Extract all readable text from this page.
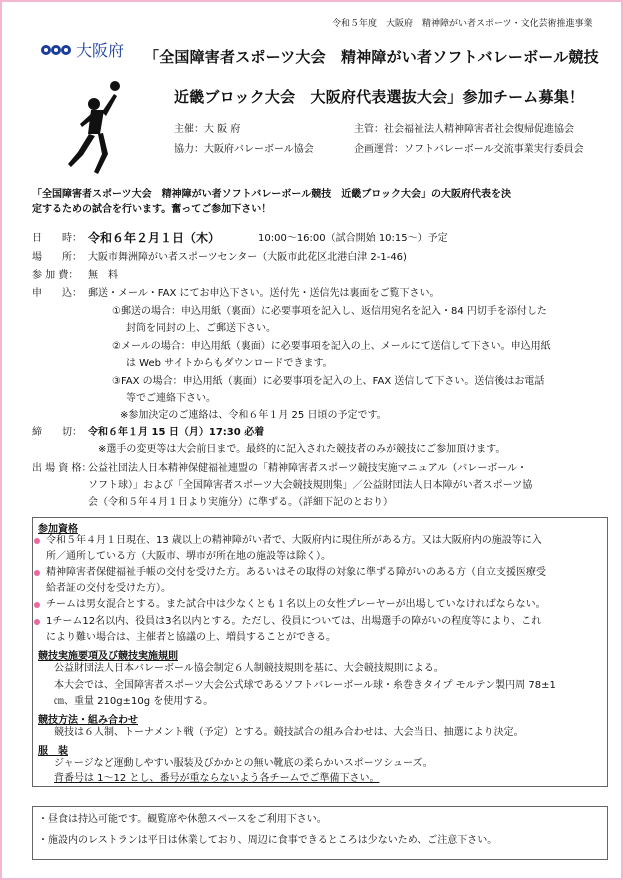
令和５年度　大阪府　精神障がい者スポーツ・文化芸術推進事業
大阪府 「全国障害者スポーツ大会　精神障がい者ソフトバレーボール競技
近畿ブロック大会　大阪府代表選抜大会」参加チーム募集！
主催：大 阪 府	主管：社会福祉法人精神障害者社会復帰促進協会
協力：大阪府バレーボール協会	企画運営：ソフトバレーボール交流事業実行委員会
「全国障害者スポーツ大会　精神障がい者ソフトバレーボール競技　近畿ブロック大会」の大阪府代表を決
定するための試合を行います。奮ってご参加下さい！
日　　時： 令和６年２月１日（木）	10:00〜16:00（試合開始 10:15〜）予定
場　　所： 大阪市舞洲障がい者スポーツセンター（大阪市此花区北港白津 2-1-46)
参 加 費： 無　料
申　　込： 郵送・メール・FAX にてお申込下さい。送付先・送信先は裏面をご覧下さい。
①郵送の場合：申込用紙（裏面）に必要事項を記入し、返信用宛名を記入・84 円切手を添付した
封筒を同封の上、ご郵送下さい。
②メールの場合：申込用紙（裏面）に必要事項を記入の上、メールにて送信して下さい。申込用紙
は Web サイトからもダウンロードできます。
③FAX の場合：申込用紙（裏面）に必要事項を記入の上、FAX 送信して下さい。送信後はお電話
等でご連絡下さい。
※参加決定のご連絡は、令和６年１月 25 日頃の予定です。
締　　切： 令和６年１月 15 日（月）17:30 必着
※選手の変更等は大会前日まで。最終的に記入された競技者のみが競技にご参加頂けます。
出 場 資 格：
公益社団法人日本精神保健福祉連盟の「精神障害者スポーツ競技実施マニュアル（バレーボール・
ソフト球）」および「全国障害者スポーツ大会競技規則集」／公益財団法人日本障がい者スポーツ協
会（令和５年４月１日より実施分）に準ずる。（詳細下記のとおり）
参加資格
令和５年４月１日現在、13 歳以上の精神障がい者で、大阪府内に現住所がある方。又は大阪府内の施設等に入
所／通所している方（大阪市、堺市が所在地の施設等は除く）。
精神障害者保健福祉手帳の交付を受けた方。あるいはその取得の対象に準ずる障がいのある方（自立支援医療受
給者証の交付を受けた方）。
チームは男女混合とする。また試合中は少なくとも１名以上の女性プレーヤーが出場していなければならない。
1チーム12名以内、役員は3名以内とする。ただし、役員については、出場選手の障がいの程度等により、これ
により難い場合は、主催者と協議の上、増員することができる。
競技実施要項及び競技実施規則
公益財団法人日本バレーボール協会制定６人制競技規則を基に、大会競技規則による。
本大会では、全国障害者スポーツ大会公式球であるソフトバレーボール球・糸巻きタイプ モルテン製円周 78±1
㎝、重量 210g±10g を使用する。
競技方法・組み合わせ
競技は６人制、トーナメント戦（予定）とする。競技試合の組み合わせは、大会当日、抽選により決定。
服　装
ジャージなど運動しやすい服装及びかかとの無い靴底の柔らかいスポーツシューズ。
背番号は 1〜12 とし、番号が重ならないよう各チームでご準備下さい。
・昼食は持込可能です。観覧席や休憩スペースをご利用下さい。
・施設内のレストランは平日は休業しており、周辺に食事できるところは少ないため、ご注意下さい。
